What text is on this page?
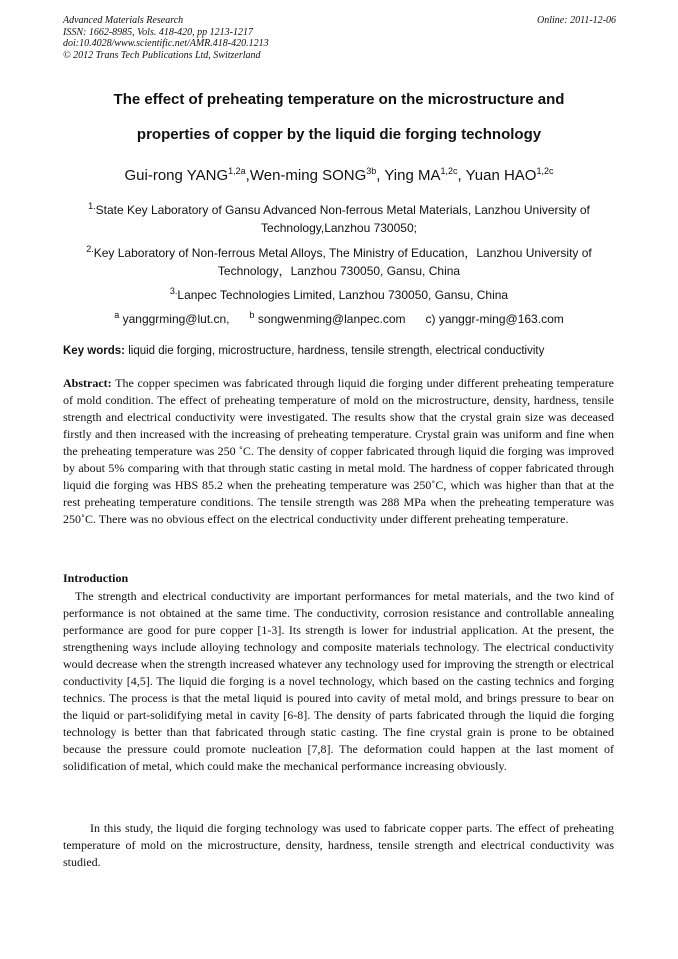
Advanced Materials Research
ISSN: 1662-8985, Vols. 418-420, pp 1213-1217
doi:10.4028/www.scientific.net/AMR.418-420.1213
© 2012 Trans Tech Publications Ltd, Switzerland
Online: 2011-12-06
The effect of preheating temperature on the microstructure and
properties of copper by the liquid die forging technology
Gui-rong $YANG^{1,2a},Wen$-ming $SONG^{3b}$, Ying $MA^{1,2c}$, Yuan $HAO^{1,2c}$
$^{1.}$State Key Laboratory of Gansu Advanced Non-ferrous Metal Materials, Lanzhou University of
Technology,Lanzhou 730050;
$^{2.}$Key Laboratory of Non-ferrous Metal Alloys, The Ministry of Education，Lanzhou University of
Technology，Lanzhou 730050, Gansu, China
$^{3.}$Lanpec Technologies Limited, Lanzhou 730050, Gansu, China
$^a$ yanggrming@lut.cn, $^b$ songwenming@lanpec.com c) yanggr-ming@163.com
Key words: liquid die forging, microstructure, hardness, tensile strength, electrical conductivity
Abstract: The copper specimen was fabricated through liquid die forging under different preheating temperature of mold condition. The effect of preheating temperature of mold on the microstructure, density, hardness, tensile strength and electrical conductivity were investigated. The results show that the crystal grain size was deceased firstly and then increased with the increasing of preheating temperature. Crystal grain was uniform and fine when the preheating temperature was 250 ˚C. The density of copper fabricated through liquid die forging was improved by about 5% comparing with that through static casting in metal mold. The hardness of copper fabricated through liquid die forging was HBS 85.2 when the preheating temperature was 250˚C, which was higher than that at the rest preheating temperature conditions. The tensile strength was 288 MPa when the preheating temperature was 250˚C. There was no obvious effect on the electrical conductivity under different preheating temperature.
Introduction
The strength and electrical conductivity are important performances for metal materials, and the two kind of performance is not obtained at the same time. The conductivity, corrosion resistance and controllable annealing performance are good for pure copper [1-3]. Its strength is lower for industrial application. At the present, the strengthening ways include alloying technology and composite materials technology. The electrical conductivity would decrease when the strength increased whatever any technology used for improving the strength or electrical conductivity [4,5]. The liquid die forging is a novel technology, which based on the casting technics and forging technics. The process is that the metal liquid is poured into cavity of metal mold, and brings pressure to bear on the liquid or part-solidifying metal in cavity [6-8]. The density of parts fabricated through the liquid die forging technology is better than that fabricated through static casting. The fine crystal grain is prone to be obtained because the pressure could promote nucleation [7,8]. The deformation could happen at the last moment of solidification of metal, which could make the mechanical performance increasing obviously.
In this study, the liquid die forging technology was used to fabricate copper parts. The effect of preheating temperature of mold on the microstructure, density, hardness, tensile strength and electrical conductivity was studied.
